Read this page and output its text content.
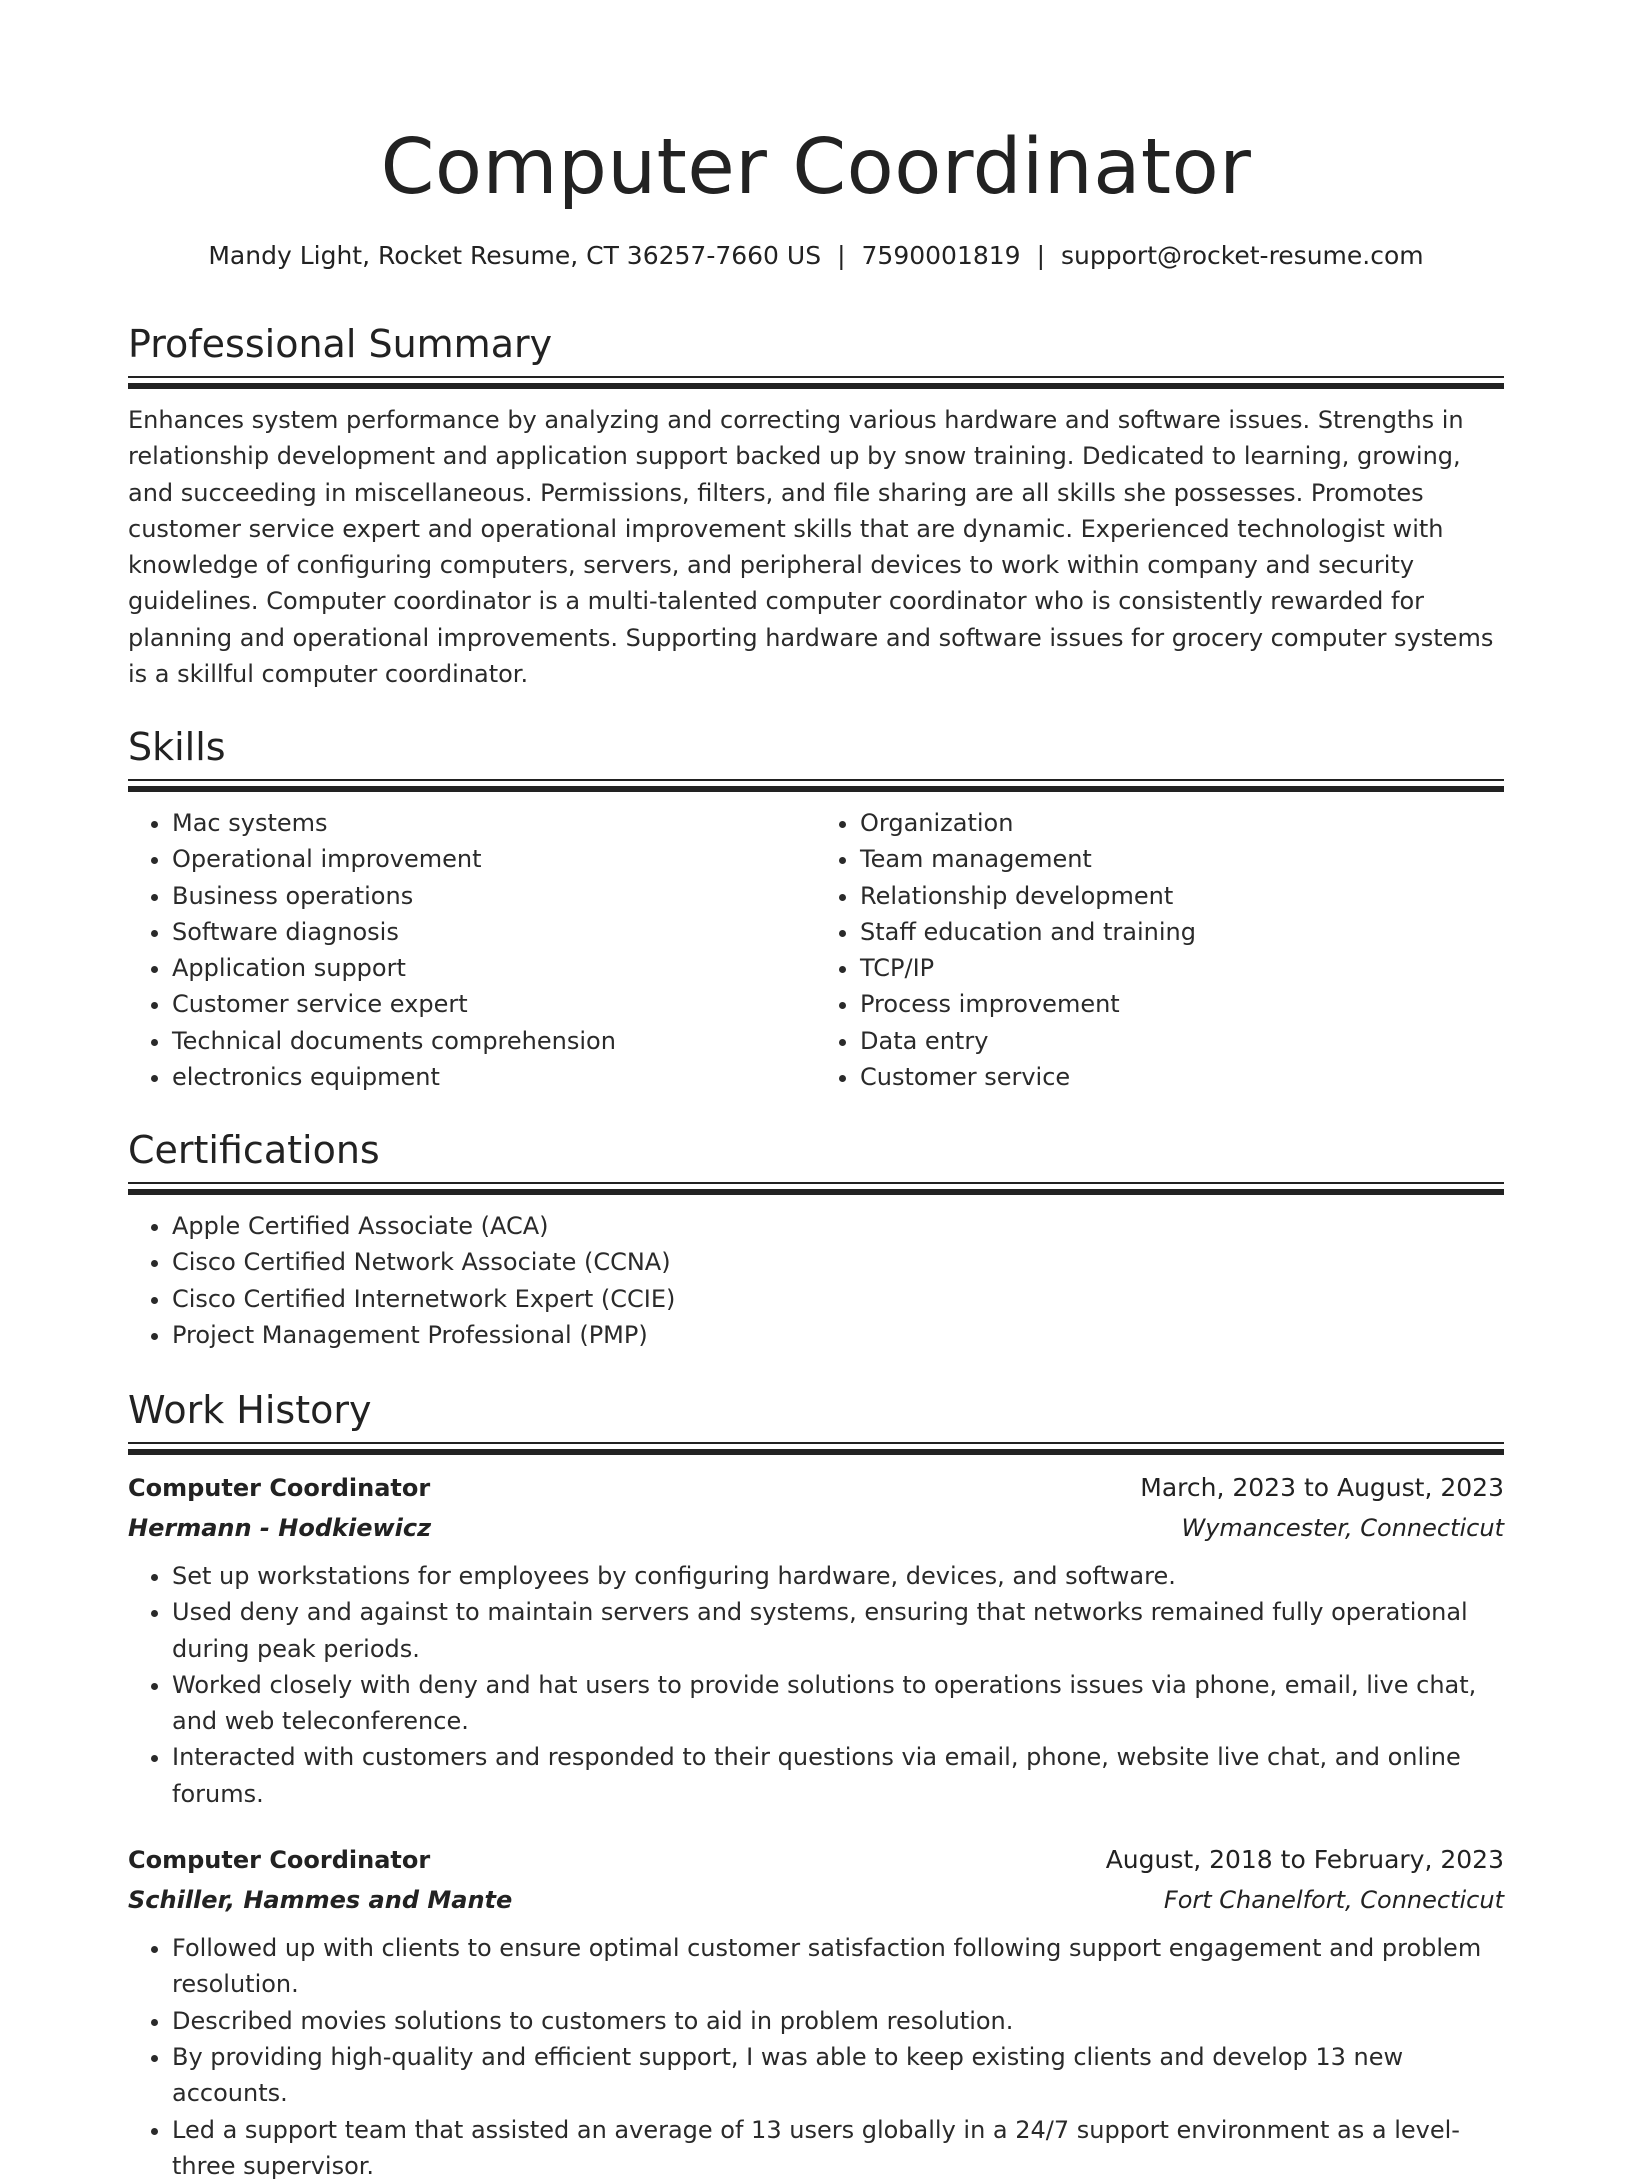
Computer Coordinator
Mandy Light, Rocket Resume, CT 36257-7660 US | 7590001819 | support@rocket-resume.com
Professional Summary

Enhances system performance by analyzing and correcting various hardware and software issues. Strengths in relationship development and application support backed up by snow training. Dedicated to learning, growing, and succeeding in miscellaneous. Permissions, filters, and file sharing are all skills she possesses. Promotes customer service expert and operational improvement skills that are dynamic. Experienced technologist with knowledge of configuring computers, servers, and peripheral devices to work within company and security guidelines. Computer coordinator is a multi-talented computer coordinator who is consistently rewarded for planning and operational improvements. Supporting hardware and software issues for grocery computer systems is a skillful computer coordinator.

Skills
• Mac systems
• Operational improvement
• Business operations
• Software diagnosis
• Application support
• Customer service expert
• Technical documents comprehension
• electronics equipment
• Organization
• Team management
• Relationship development
• Staff education and training
• TCP/IP
• Process improvement
• Data entry
• Customer service
Certifications
• Apple Certified Associate (ACA)
• Cisco Certified Network Associate (CCNA)
• Cisco Certified Internetwork Expert (CCIE)
• Project Management Professional (PMP)
Work History
Computer Coordinator	March, 2023 to August, 2023
Hermann - Hodkiewicz	Wymancester, Connecticut
• Set up workstations for employees by configuring hardware, devices, and software.
• Used deny and against to maintain servers and systems, ensuring that networks remained fully operational during peak periods.
• Worked closely with deny and hat users to provide solutions to operations issues via phone, email, live chat, and web teleconference.
• Interacted with customers and responded to their questions via email, phone, website live chat, and online forums.
Computer Coordinator	August, 2018 to February, 2023
Schiller, Hammes and Mante	Fort Chanelfort, Connecticut
• Followed up with clients to ensure optimal customer satisfaction following support engagement and problem resolution.
• Described movies solutions to customers to aid in problem resolution.
• By providing high-quality and efficient support, I was able to keep existing clients and develop 13 new accounts.
• Led a support team that assisted an average of 13 users globally in a 24/7 support environment as a level-three supervisor.
